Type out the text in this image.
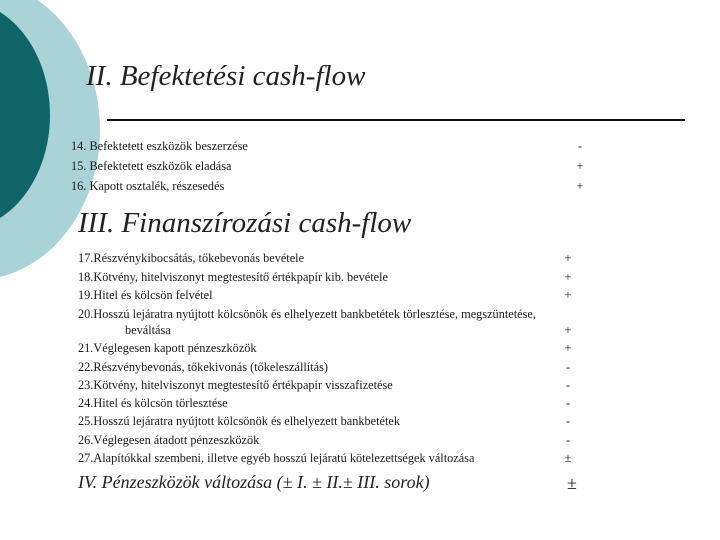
II. Befektetési cash-flow
14. Befektetett eszközök beszerzése	-
15. Befektetett eszközök eladása	+
16. Kapott osztalék, részesedés	+
III. Finanszírozási cash-flow
17.Részvénykibocsátás, tőkebevonás bevétele	+
18.Kötvény, hitelviszonyt megtestesítő értékpapír kib. bevétele	+
19.Hitel és kölcsön felvétel	+
20.Hosszú lejáratra nyújtott kölcsönök és elhelyezett bankbetétek törlesztése, megszüntetése,
beváltása	+
21.Véglegesen kapott pénzeszközök	+
22.Részvénybevonás, tőkekivonás (tőkeleszállítás)	-
23.Kötvény, hitelviszonyt megtestesítő értékpapír visszafizetése	-
24.Hitel és kölcsön törlesztése	-
25.Hosszú lejáratra nyújtott kölcsönök és elhelyezett bankbetétek	-
26.Véglegesen átadott pénzeszközök	-
27.Alapítókkal szembeni, illetve egyéb hosszú lejáratú kötelezettségek változása	±
IV. Pénzeszközök változása (± I. ± II.± III. sorok)	±
